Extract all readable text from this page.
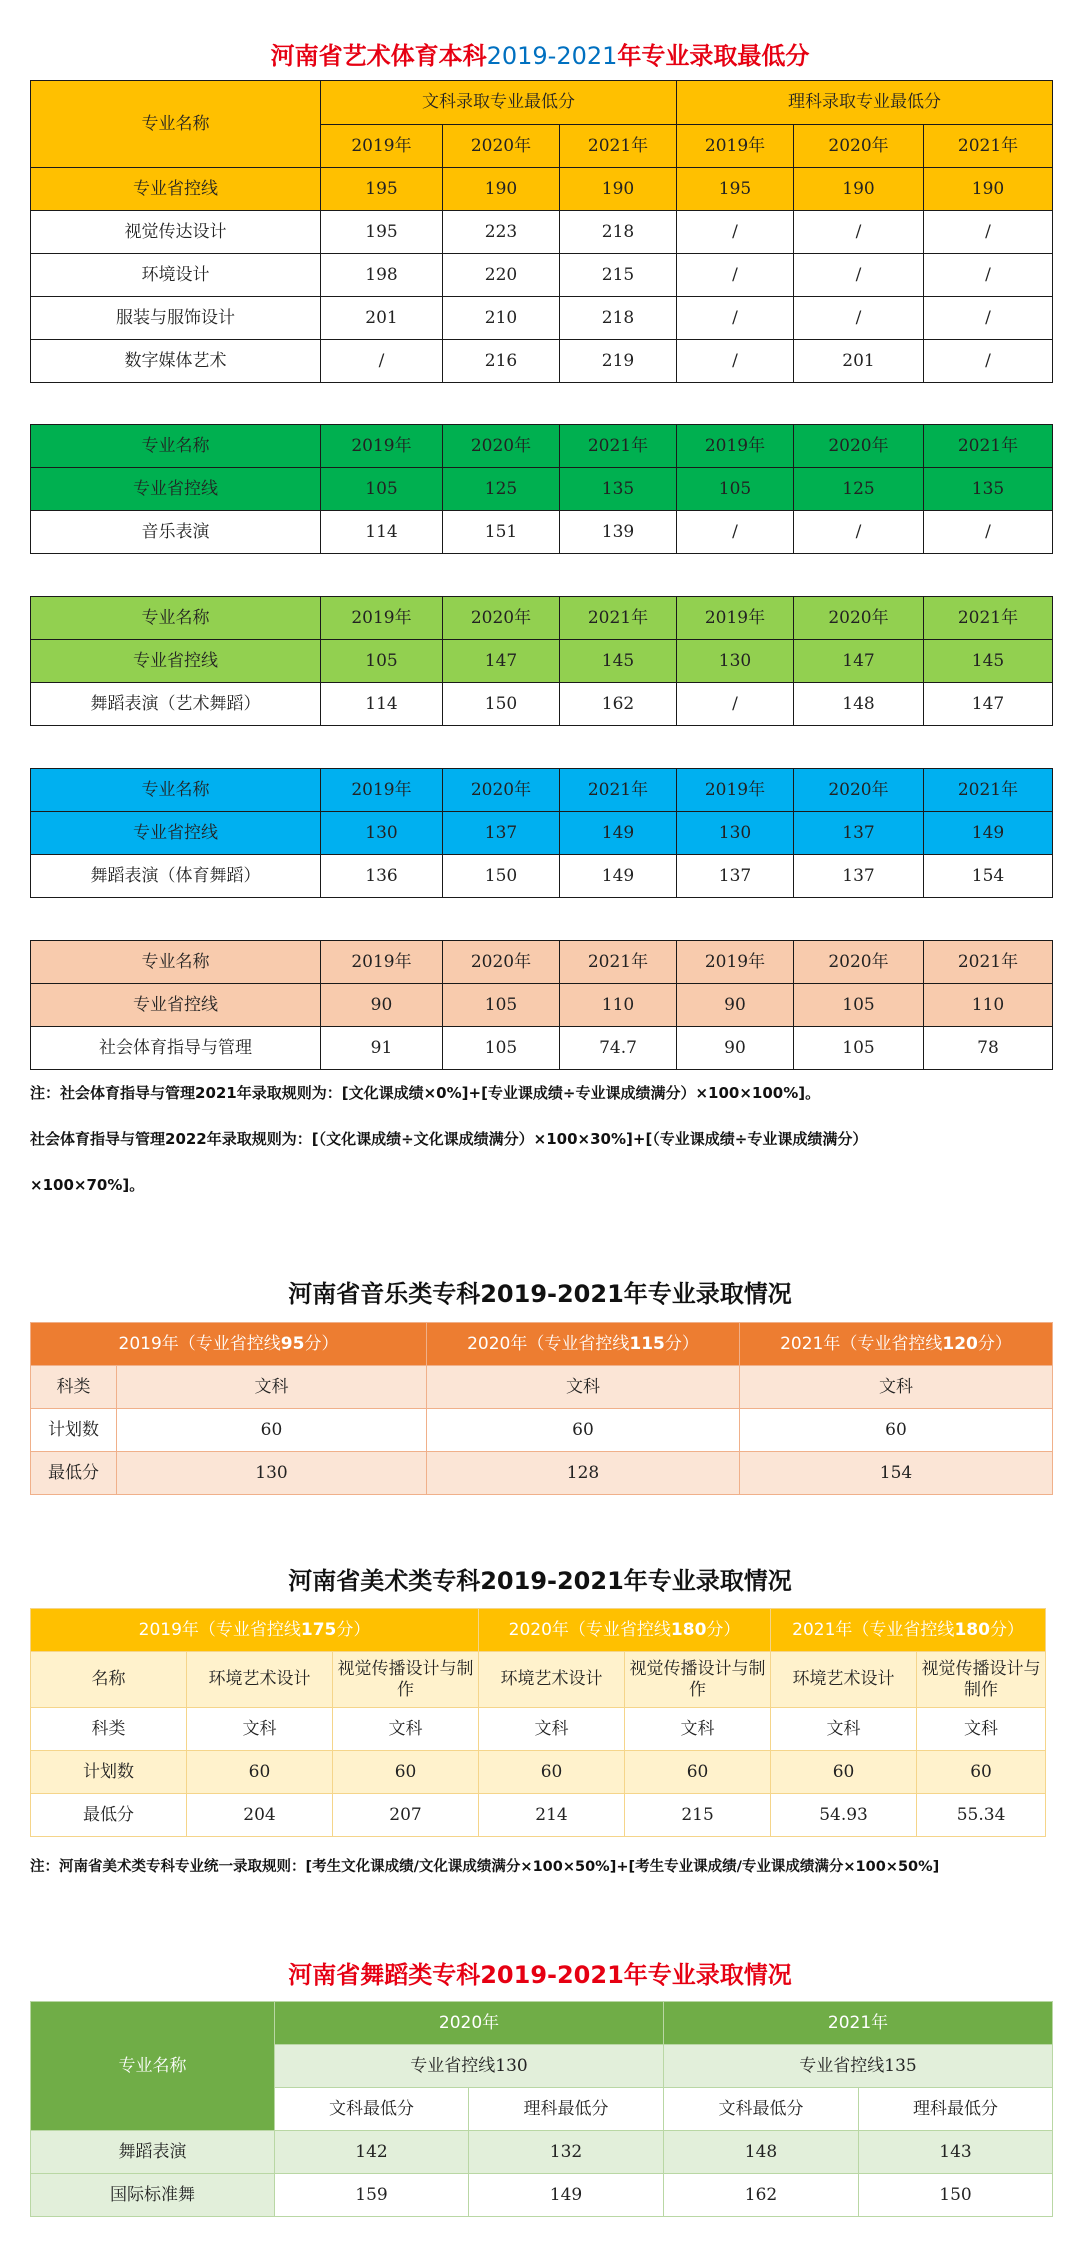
河南省艺术体育本科2019-2021年专业录取最低分
专业名称	文科录取专业最低分			理科录取专业最低分		
	2019年	2020年	2021年	2019年	2020年	2021年
专业省控线	195	190	190	195	190	190
视觉传达设计	195	223	218	/	/	/
环境设计	198	220	215	/	/	/
服装与服饰设计	201	210	218	/	/	/
数字媒体艺术	/	216	219	/	201	/
专业名称	2019年	2020年	2021年	2019年	2020年	2021年
专业省控线	105	125	135	105	125	135
音乐表演	114	151	139	/	/	/
专业名称	2019年	2020年	2021年	2019年	2020年	2021年
专业省控线	105	147	145	130	147	145
舞蹈表演（艺术舞蹈）	114	150	162	/	148	147
专业名称	2019年	2020年	2021年	2019年	2020年	2021年
专业省控线	130	137	149	130	137	149
舞蹈表演（体育舞蹈）	136	150	149	137	137	154
专业名称	2019年	2020年	2021年	2019年	2020年	2021年
专业省控线	90	105	110	90	105	110
社会体育指导与管理	91	105	74.7	90	105	78
注：社会体育指导与管理2021年录取规则为：[文化课成绩×0%]+[专业课成绩÷专业课成绩满分）×100×100%]。
社会体育指导与管理2022年录取规则为：[（文化课成绩÷文化课成绩满分）×100×30%]+[（专业课成绩÷专业课成绩满分）
×100×70%]。
河南省音乐类专科2019-2021年专业录取情况
2019年（专业省控线95分）		2020年（专业省控线115分）	2021年（专业省控线120分）
科类	文科	文科	文科
计划数	60	60	60
最低分	130	128	154
河南省美术类专科2019-2021年专业录取情况
2019年（专业省控线175分）			2020年（专业省控线180分）		2021年（专业省控线180分）	
名称	环境艺术设计	视觉传播设计与制作	环境艺术设计	视觉传播设计与制作	环境艺术设计	视觉传播设计与制作
科类	文科	文科	文科	文科	文科	文科
计划数	60	60	60	60	60	60
最低分	204	207	214	215	54.93	55.34
注：河南省美术类专科专业统一录取规则：[考生文化课成绩/文化课成绩满分×100×50%]+[考生专业课成绩/专业课成绩满分×100×50%]
河南省舞蹈类专科2019-2021年专业录取情况
专业名称	2020年		2021年	
	专业省控线130		专业省控线135	
	文科最低分	理科最低分	文科最低分	理科最低分
舞蹈表演	142	132	148	143
国际标准舞	159	149	162	150
